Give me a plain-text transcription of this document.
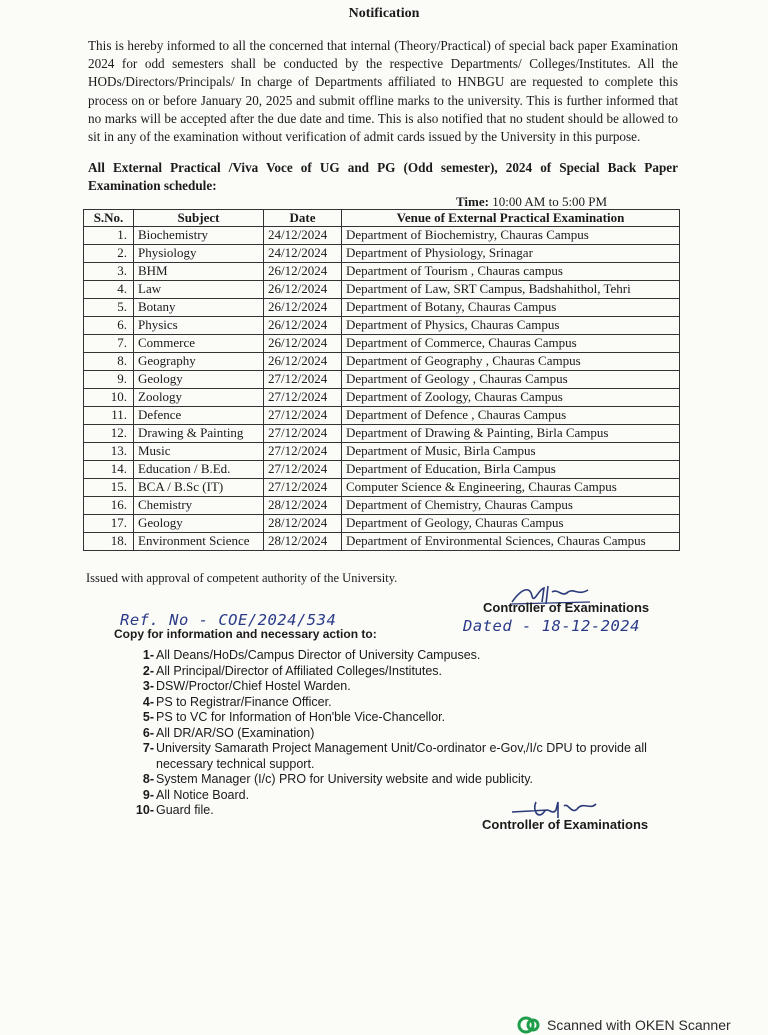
Notification

This is hereby informed to all the concerned that internal (Theory/Practical) of special back paper Examination 2024 for odd semesters shall be conducted by the respective Departments/ Colleges/Institutes. All the HODs/Directors/Principals/ In charge of Departments affiliated to HNBGU are requested to complete this process on or before January 20, 2025 and submit offline marks to the university. This is further informed that no marks will be accepted after the due date and time. This is also notified that no student should be allowed to sit in any of the examination without verification of admit cards issued by the University in this purpose.

All External Practical /Viva Voce of UG and PG (Odd semester), 2024 of Special Back Paper Examination schedule:

Time: 10:00 AM to 5:00 PM
S.No.	Subject	Date	Venue of External Practical Examination
1.	Biochemistry	24/12/2024	Department of Biochemistry, Chauras Campus
2.	Physiology	24/12/2024	Department of Physiology, Srinagar
3.	BHM	26/12/2024	Department of Tourism , Chauras campus
4.	Law	26/12/2024	Department of Law, SRT Campus, Badshahithol, Tehri
5.	Botany	26/12/2024	Department of Botany, Chauras Campus
6.	Physics	26/12/2024	Department of Physics, Chauras Campus
7.	Commerce	26/12/2024	Department of Commerce, Chauras Campus
8.	Geography	26/12/2024	Department of Geography , Chauras Campus
9.	Geology	27/12/2024	Department of Geology , Chauras Campus
10.	Zoology	27/12/2024	Department of Zoology, Chauras Campus
11.	Defence	27/12/2024	Department of Defence , Chauras Campus
12.	Drawing & Painting	27/12/2024	Department of Drawing & Painting, Birla Campus
13.	Music	27/12/2024	Department of Music, Birla Campus
14.	Education / B.Ed.	27/12/2024	Department of Education, Birla Campus
15.	BCA / B.Sc (IT)	27/12/2024	Computer Science & Engineering, Chauras Campus
16.	Chemistry	28/12/2024	Department of Chemistry, Chauras Campus
17.	Geology	28/12/2024	Department of Geology, Chauras Campus
18.	Environment Science	28/12/2024	Department of Environmental Sciences, Chauras Campus
Issued with approval of competent authority of the University.
Controller of Examinations
Ref. No - COE/2024/534	Dated - 18-12-2024
Copy for information and necessary action to:
1- All Deans/HoDs/Campus Director of University Campuses.
2- All Principal/Director of Affiliated Colleges/Institutes.
3- DSW/Proctor/Chief Hostel Warden.
4- PS to Registrar/Finance Officer.
5- PS to VC for Information of Hon'ble Vice-Chancellor.
6- All DR/AR/SO (Examination)
7- University Samarath Project Management Unit/Co-ordinator e-Gov,/I/c DPU to provide all necessary technical support.
8- System Manager (I/c) PRO for University website and wide publicity.
9- All Notice Board.
10- Guard file.
Controller of Examinations
Scanned with OKEN Scanner
